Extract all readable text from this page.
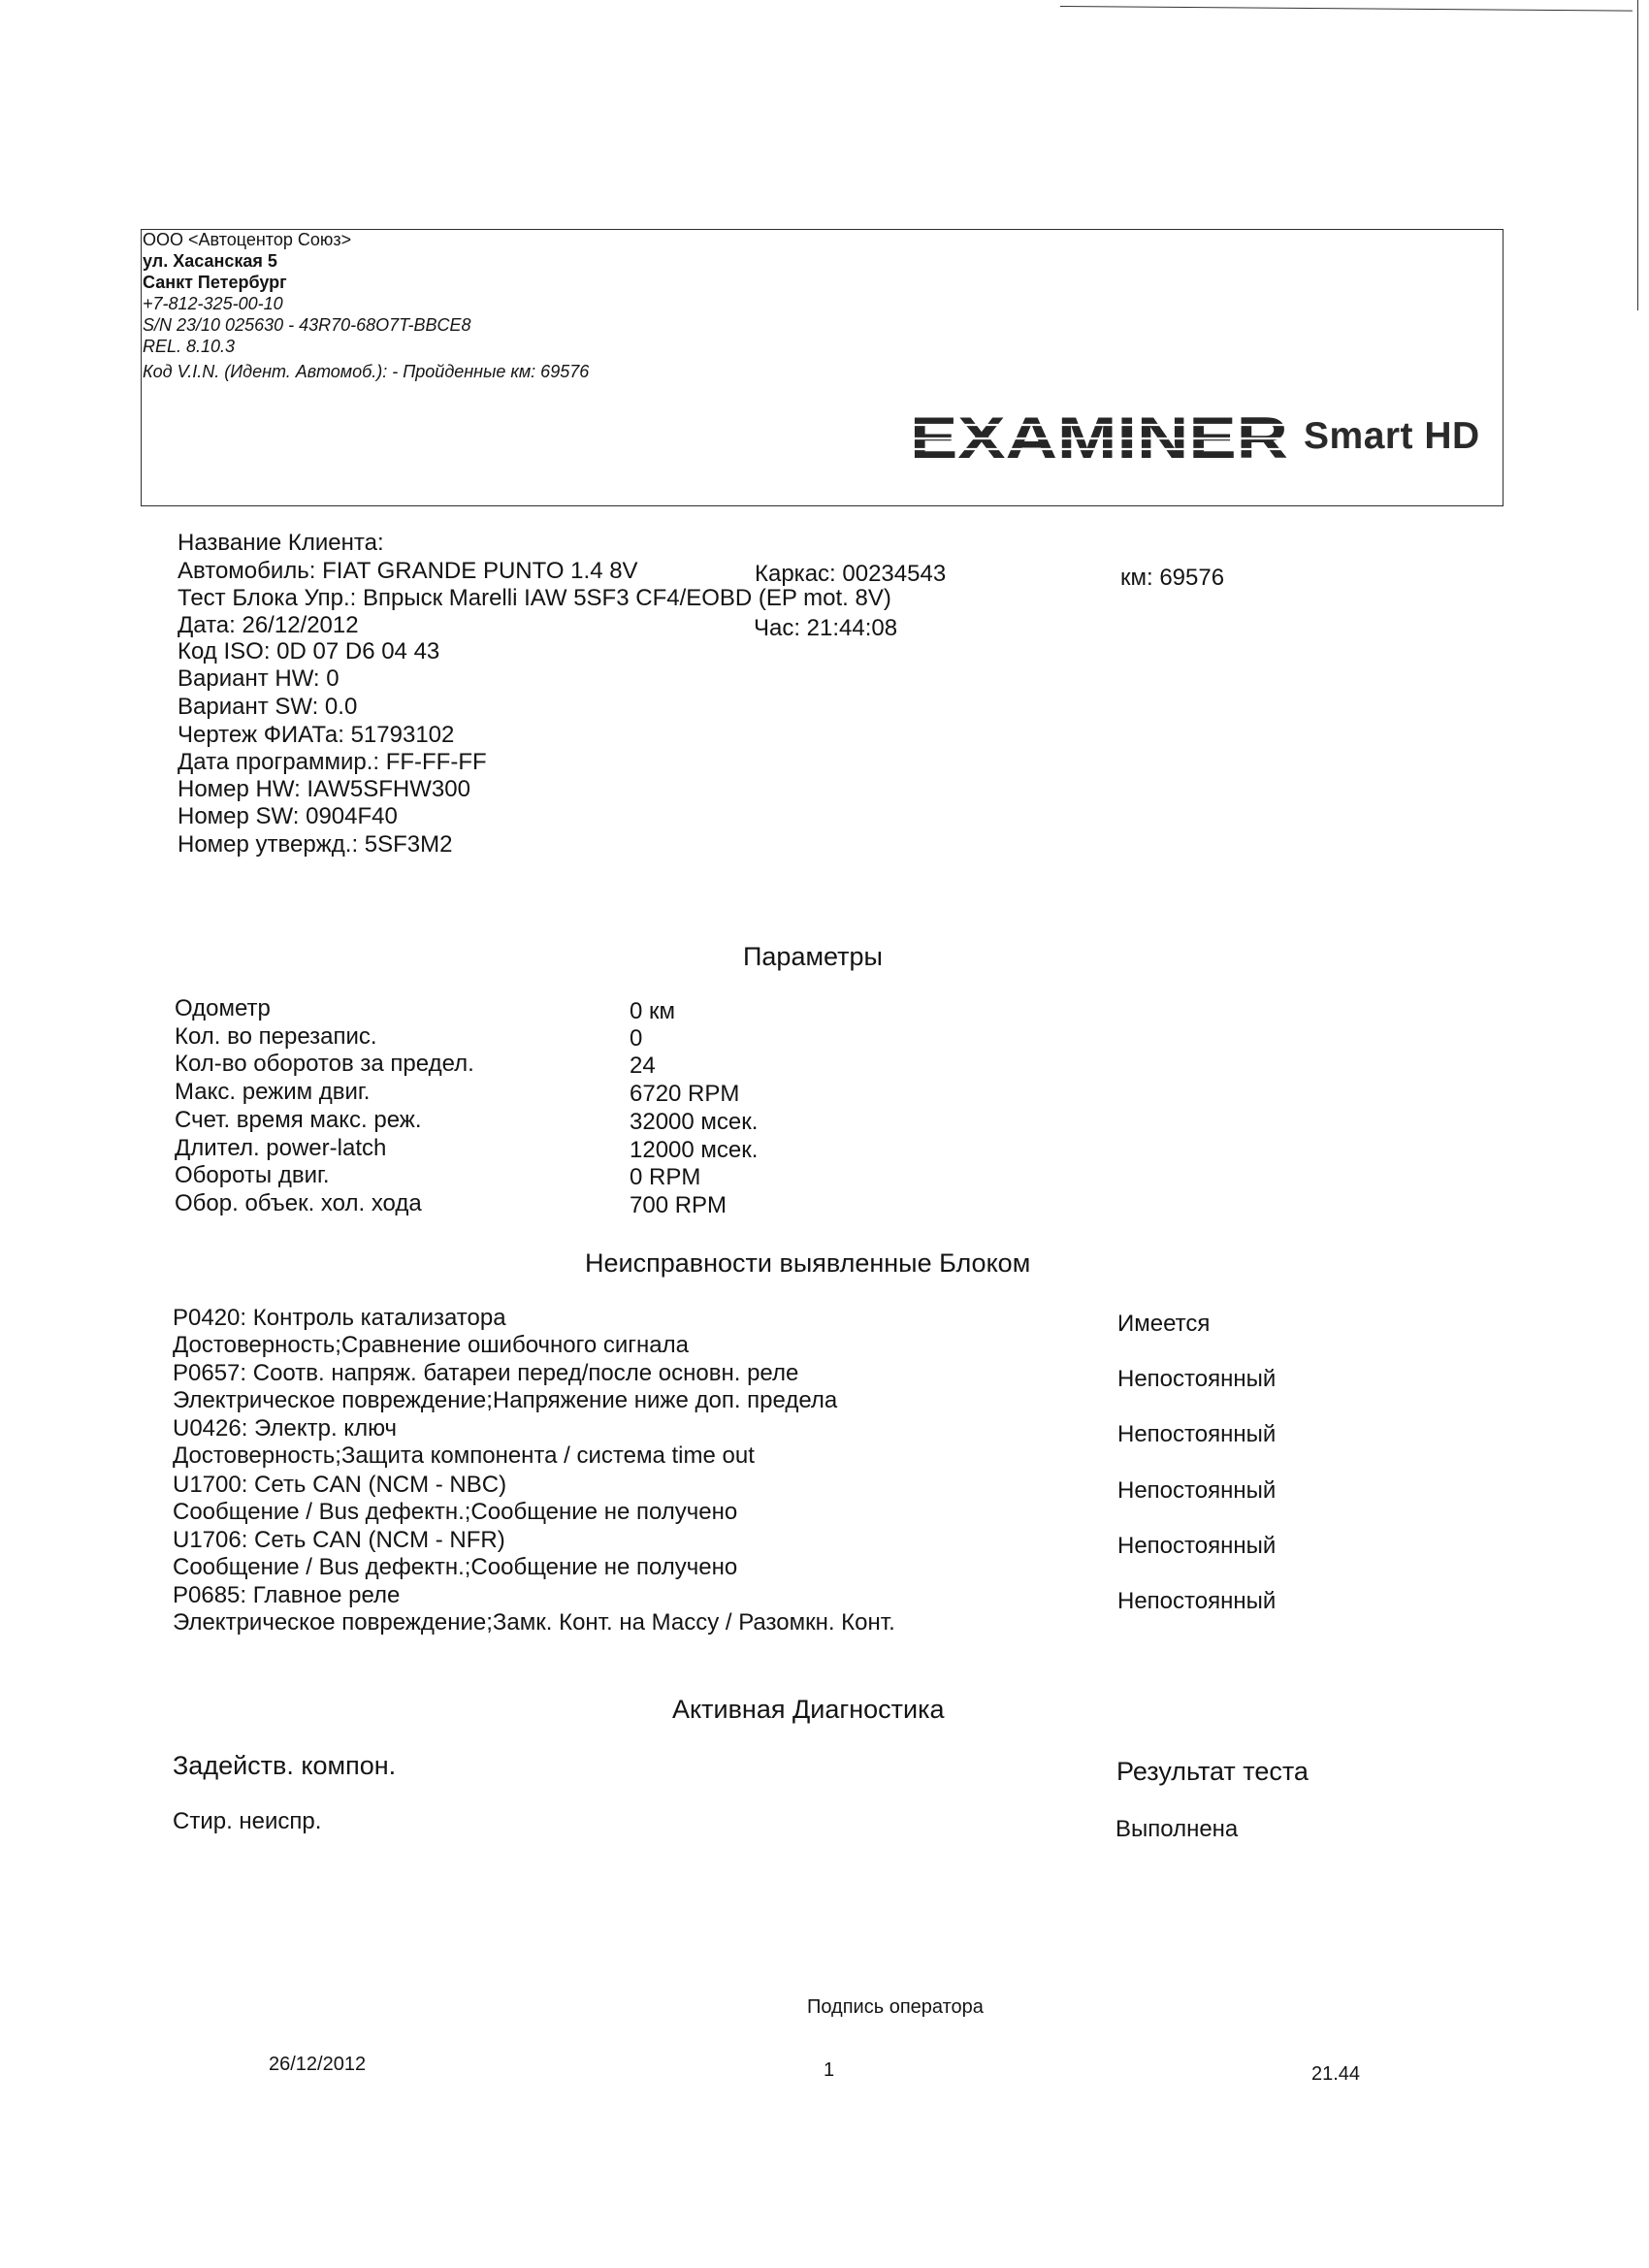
ООО <Автоцентор Союз>
ул. Хасанская 5
Санкт Петербург
+7-812-325-00-10
S/N 23/10 025630 - 43R70-68O7T-BBCE8
REL. 8.10.3
Код V.I.N. (Идент. Автомоб.): - Пройденные км: 69576
EXAMINER Smart HD
Название Клиента:
Автомобиль: FIAT GRANDE PUNTO 1.4 8V	Каркас: 00234543	км: 69576
Тест Блока Упр.: Впрыск Marelli IAW 5SF3 CF4/EOBD (EP mot. 8V)
Дата: 26/12/2012	Час: 21:44:08
Код ISO: 0D 07 D6 04 43
Вариант HW: 0
Вариант SW: 0.0
Чертеж ФИАТа: 51793102
Дата программир.: FF-FF-FF
Номер HW: IAW5SFHW300
Номер SW: 0904F40
Номер утвержд.: 5SF3M2
Параметры
Одометр	0 км
Кол. во перезапис.	0
Кол-во оборотов за предел.	24
Макс. режим двиг.	6720 RPM
Счет. время макс. реж.	32000 мсек.
Длител. power-latch	12000 мсек.
Обороты двиг.	0 RPM
Обор. объек. хол. хода	700 RPM
Неисправности выявленные Блоком
P0420: Контроль катализатора
Достоверность;Сравнение ошибочного сигнала
Имеется
P0657: Соотв. напряж. батареи перед/после основн. реле
Электрическое повреждение;Напряжение ниже доп. предела
Непостоянный
U0426: Электр. ключ
Достоверность;Защита компонента / система time out
Непостоянный
U1700: Сеть CAN (NCM - NBC)
Сообщение / Bus дефектн.;Сообщение не получено
Непостоянный
U1706: Сеть CAN (NCM - NFR)
Сообщение / Bus дефектн.;Сообщение не получено
Непостоянный
P0685: Главное реле
Электрическое повреждение;Замк. Конт. на Массу / Разомкн. Конт.
Непостоянный
Активная Диагностика
Задейств. компон.	Результат теста
Стир. неиспр.	Выполнена
Подпись оператора
26/12/2012	1	21.44
